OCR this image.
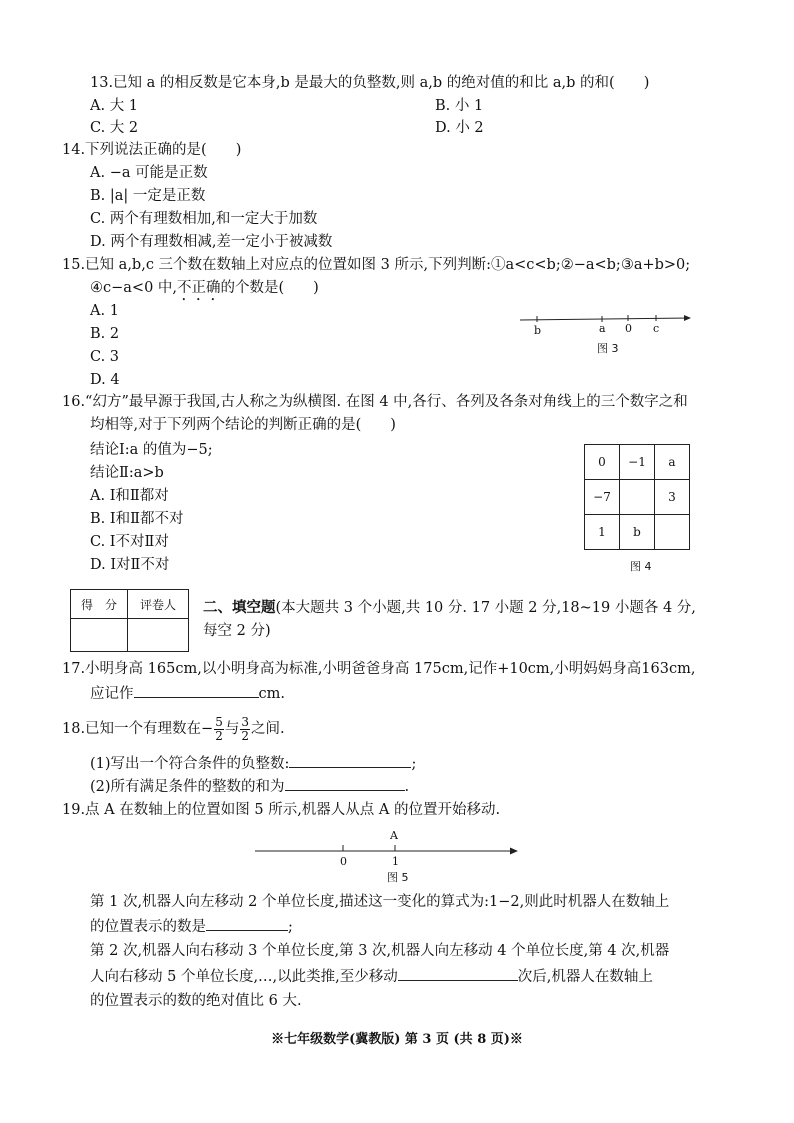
13.已知 a 的相反数是它本身,b 是最大的负整数,则 a,b 的绝对值的和比 a,b 的和(　　)
A. 大 1	B. 小 1
C. 大 2	D. 小 2
14.下列说法正确的是(　　)
A. −a 可能是正数
B. |a| 一定是正数
C. 两个有理数相加,和一定大于加数
D. 两个有理数相减,差一定小于被减数
15.已知 a,b,c 三个数在数轴上对应点的位置如图 3 所示,下列判断:①a<c<b;②−a<b;③a+b>0;
④c−a<0 中,不正确的个数是(　　)
A. 1
B. 2
C. 3
D. 4
b	a 0 c
图 3
16.“幻方”最早源于我国,古人称之为纵横图. 在图 4 中,各行、各列及各条对角线上的三个数字之和
均相等,对于下列两个结论的判断正确的是(　　)
结论Ⅰ:a 的值为−5;
结论Ⅱ:a>b
A. Ⅰ和Ⅱ都对
B. Ⅰ和Ⅱ都不对
C. Ⅰ不对Ⅱ对
D. Ⅰ对Ⅱ不对
0	−1	a
−7		3
1	b	
图 4
得　分	评卷人
	二、填空题(本大题共 3 个小题,共 10 分. 17 小题 2 分,18~19 小题各 4 分,
每空 2 分)
17.小明身高 165cm,以小明身高为标准,小明爸爸身高 175cm,记作+10cm,小明妈妈身高163cm,
应记作	cm.
18.已知一个有理数在− $\frac{5}{2}$ 与 $\frac{3}{2}$ 之间.
(1)写出一个符合条件的负整数:	;
(2)所有满足条件的整数的和为	.
19.点 A 在数轴上的位置如图 5 所示,机器人从点 A 的位置开始移动.
A
0	1
图 5
第 1 次,机器人向左移动 2 个单位长度,描述这一变化的算式为:1−2,则此时机器人在数轴上
的位置表示的数是	;
第 2 次,机器人向右移动 3 个单位长度,第 3 次,机器人向左移动 4 个单位长度,第 4 次,机器
人向右移动 5 个单位长度,…,以此类推,至少移动	次后,机器人在数轴上
的位置表示的数的绝对值比 6 大.
※七年级数学(冀教版) 第 3 页 (共 8 页)※
